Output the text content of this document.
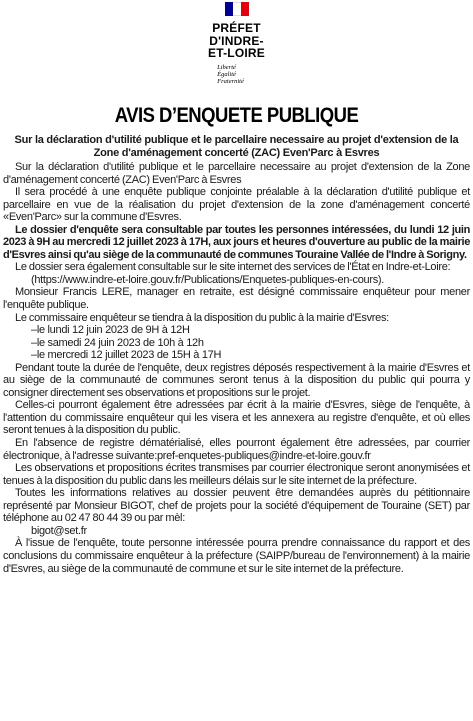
PRÉFET
D'INDRE-
ET-LOIRE
Liberté
Égalité
Fraternité
AVIS D’ENQUETE PUBLIQUE
Sur la déclaration d'utilité publique et le parcellaire necessaire au projet d'extension de la Zone d'aménagement concerté (ZAC) Even'Parc à Esvres

Sur la déclaration d'utilité publique et le parcellaire necessaire au projet d'extension de la Zone d'aménagement concerté (ZAC) Even'Parc à Esvres

Il sera procédé à une enquête publique conjointe préalable à la déclaration d'utilité publique et parcellaire en vue de la réalisation du projet d'extension de la zone d'aménagement concerté «Even'Parc» sur la commune d'Esvres.

Le dossier d'enquête sera consultable par toutes les personnes intéressées, du lundi 12 juin 2023 à 9H au mercredi 12 juillet 2023 à 17H, aux jours et heures d'ouverture au public de la mairie d'Esvres ainsi qu'au siège de la communauté de communes Touraine Vallée de l'Indre à Sorigny.

Le dossier sera également consultable sur le site internet des services de l'État en Indre-et-Loire:

(https://www.indre-et-loire.gouv.fr/Publications/Enquetes-publiques-en-cours).

Monsieur Francis LERE, manager en retraite, est désigné commissaire enquêteur pour mener l'enquête publique.

Le commissaire enquêteur se tiendra à la disposition du public à la mairie d'Esvres:

–le lundi 12 juin 2023 de 9H à 12H
–le samedi 24 juin 2023 de 10h à 12h
–le mercredi 12 juillet 2023 de 15H à 17H

Pendant toute la durée de l'enquête, deux registres déposés respectivement à la mairie d'Esvres et au siège de la communauté de communes seront tenus à la disposition du public qui pourra y consigner directement ses observations et propositions sur le projet.

Celles-ci pourront également être adressées par écrit à la mairie d'Esvres, siège de l'enquête, à l'attention du commissaire enquêteur qui les visera et les annexera au registre d'enquête, et où elles seront tenues à la disposition du public.

En l'absence de registre dématérialisé, elles pourront également être adressées, par courrier électronique, à l'adresse suivante:pref-enquetes-publiques@indre-et-loire.gouv.fr

Les observations et propositions écrites transmises par courrier électronique seront anonymisées et tenues à la disposition du public dans les meilleurs délais sur le site internet de la préfecture.

Toutes les informations relatives au dossier peuvent être demandées auprès du pétitionnaire représenté par Monsieur BIGOT, chef de projets pour la société d'équipement de Touraine (SET) par téléphone au 02 47 80 44 39 ou par mèl:

bigot@set.fr

À l'issue de l'enquête, toute personne intéressée pourra prendre connaissance du rapport et des conclusions du commissaire enquêteur à la préfecture (SAIPP/bureau de l'environnement) à la mairie d'Esvres, au siège de la communauté de commune et sur le site internet de la préfecture.
